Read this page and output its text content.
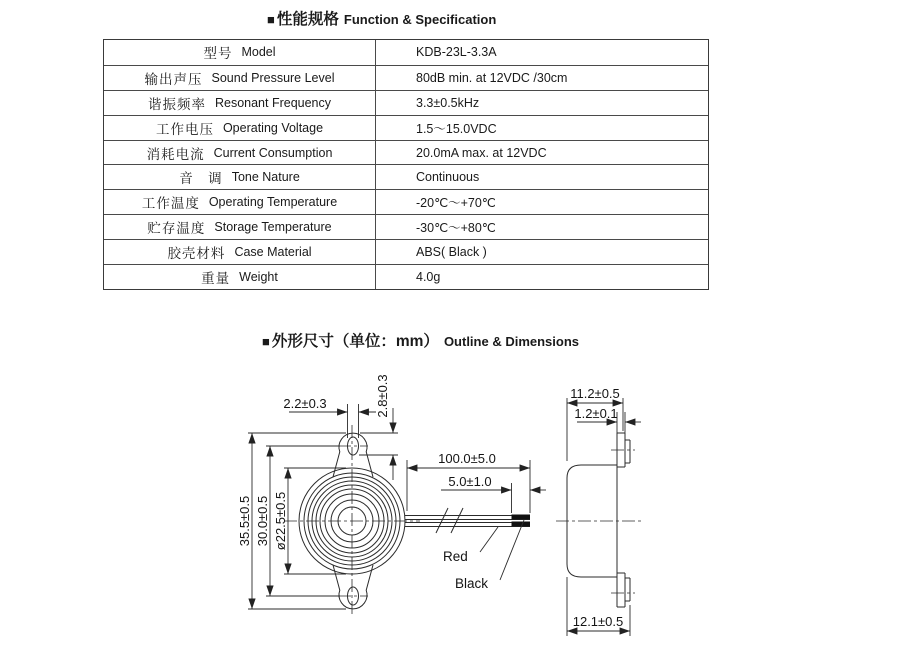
■ 性能规格 Function & Specification
型号 Model	KDB-23L-3.3A
输出声压 Sound Pressure Level	80dB min. at 12VDC /30cm
谐振频率 Resonant Frequency	3.3±0.5kHz
工作电压 Operating Voltage	1.5～15.0VDC
消耗电流 Current Consumption	20.0mA max. at 12VDC
音　调 Tone Nature	Continuous
工作温度 Operating Temperature	-20℃～+70℃
贮存温度 Storage Temperature	-30℃～+80℃
胶壳材料 Case Material	ABS( Black )
重量 Weight	4.0g
■ 外形尺寸（单位：mm） Outline & Dimensions
2.2±0.3	2.8±0.3
35.5±0.5 30.0±0.5 ø22.5±0.5
100.0±5.0
5.0±1.0
Red
Black
11.2±0.5
1.2±0.1
12.1±0.5
